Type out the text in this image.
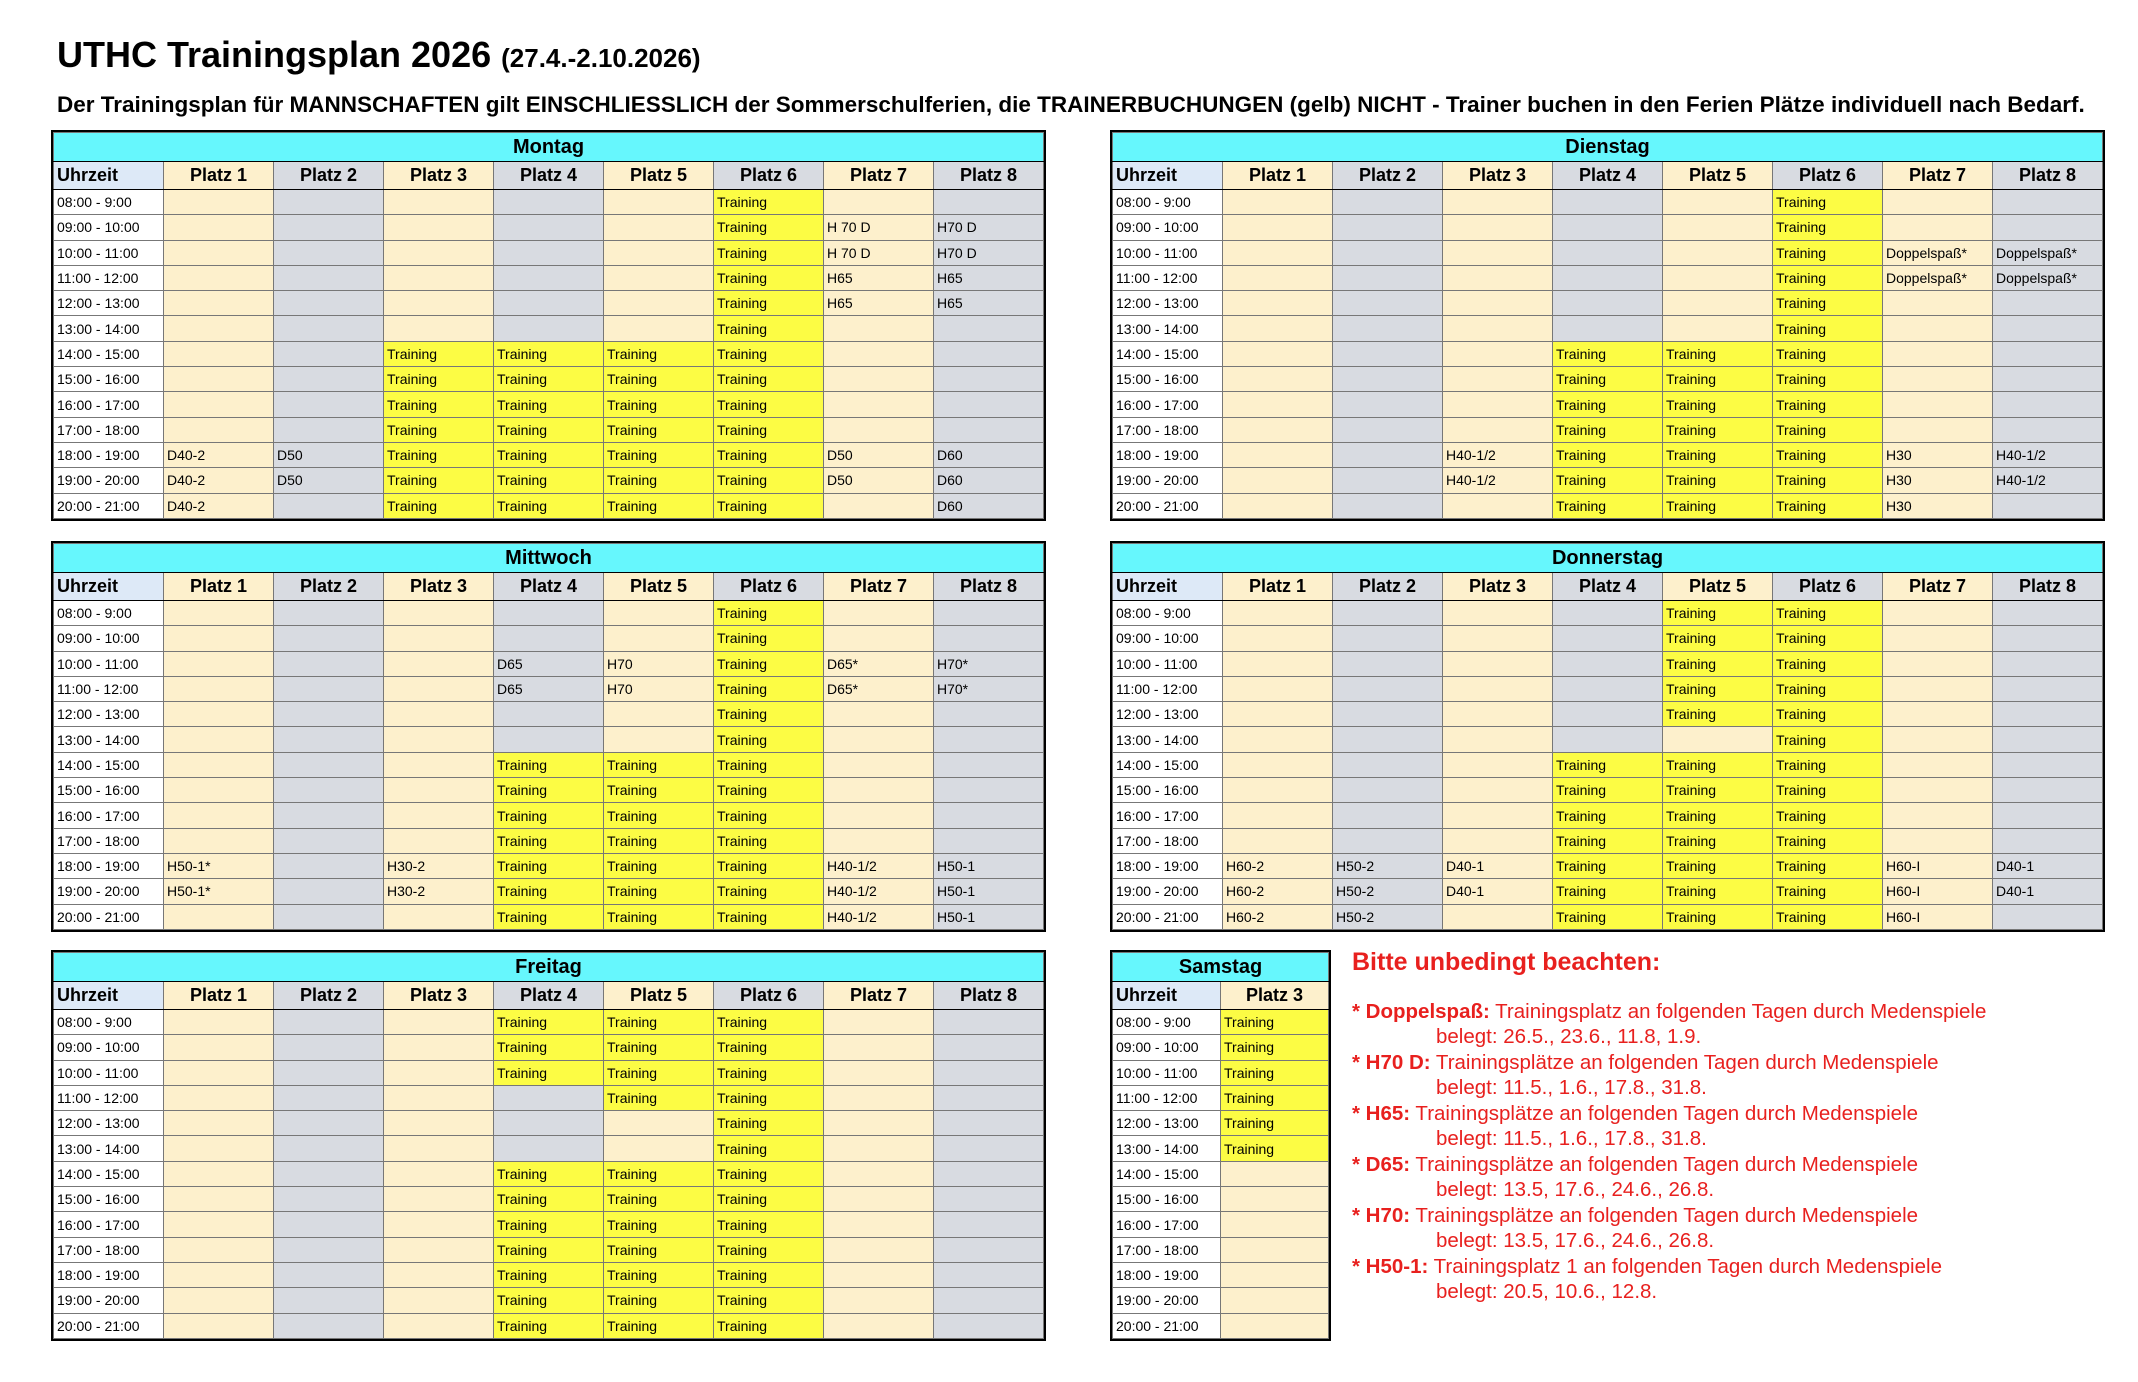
UTHC Trainingsplan 2026 (27.4.-2.10.2026)
Der Trainingsplan für MANNSCHAFTEN gilt EINSCHLIESSLICH der Sommerschulferien, die TRAINERBUCHUNGEN (gelb) NICHT - Trainer buchen in den Ferien Plätze individuell nach Bedarf.
Montag								
Uhrzeit	Platz 1	Platz 2	Platz 3	Platz 4	Platz 5	Platz 6	Platz 7	Platz 8
08:00 - 9:00						Training		
09:00 - 10:00						Training	H 70 D	H70 D
10:00 - 11:00						Training	H 70 D	H70 D
11:00 - 12:00						Training	H65	H65
12:00 - 13:00						Training	H65	H65
13:00 - 14:00						Training		
14:00 - 15:00			Training	Training	Training	Training		
15:00 - 16:00			Training	Training	Training	Training		
16:00 - 17:00			Training	Training	Training	Training		
17:00 - 18:00			Training	Training	Training	Training		
18:00 - 19:00	D40-2	D50	Training	Training	Training	Training	D50	D60
19:00 - 20:00	D40-2	D50	Training	Training	Training	Training	D50	D60
20:00 - 21:00	D40-2		Training	Training	Training	Training		D60
Dienstag								
Uhrzeit	Platz 1	Platz 2	Platz 3	Platz 4	Platz 5	Platz 6	Platz 7	Platz 8
08:00 - 9:00						Training		
09:00 - 10:00						Training		
10:00 - 11:00						Training	Doppelspaß*	Doppelspaß*
11:00 - 12:00						Training	Doppelspaß*	Doppelspaß*
12:00 - 13:00						Training		
13:00 - 14:00						Training		
14:00 - 15:00				Training	Training	Training		
15:00 - 16:00				Training	Training	Training		
16:00 - 17:00				Training	Training	Training		
17:00 - 18:00				Training	Training	Training		
18:00 - 19:00			H40-1/2	Training	Training	Training	H30	H40-1/2
19:00 - 20:00			H40-1/2	Training	Training	Training	H30	H40-1/2
20:00 - 21:00				Training	Training	Training	H30	
Mittwoch								
Uhrzeit	Platz 1	Platz 2	Platz 3	Platz 4	Platz 5	Platz 6	Platz 7	Platz 8
08:00 - 9:00						Training		
09:00 - 10:00						Training		
10:00 - 11:00				D65	H70	Training	D65*	H70*
11:00 - 12:00				D65	H70	Training	D65*	H70*
12:00 - 13:00						Training		
13:00 - 14:00						Training		
14:00 - 15:00				Training	Training	Training		
15:00 - 16:00				Training	Training	Training		
16:00 - 17:00				Training	Training	Training		
17:00 - 18:00				Training	Training	Training		
18:00 - 19:00	H50-1*		H30-2	Training	Training	Training	H40-1/2	H50-1
19:00 - 20:00	H50-1*		H30-2	Training	Training	Training	H40-1/2	H50-1
20:00 - 21:00				Training	Training	Training	H40-1/2	H50-1
Donnerstag								
Uhrzeit	Platz 1	Platz 2	Platz 3	Platz 4	Platz 5	Platz 6	Platz 7	Platz 8
08:00 - 9:00					Training	Training		
09:00 - 10:00					Training	Training		
10:00 - 11:00					Training	Training		
11:00 - 12:00					Training	Training		
12:00 - 13:00					Training	Training		
13:00 - 14:00						Training		
14:00 - 15:00				Training	Training	Training		
15:00 - 16:00				Training	Training	Training		
16:00 - 17:00				Training	Training	Training		
17:00 - 18:00				Training	Training	Training		
18:00 - 19:00	H60-2	H50-2	D40-1	Training	Training	Training	H60-I	D40-1
19:00 - 20:00	H60-2	H50-2	D40-1	Training	Training	Training	H60-I	D40-1
20:00 - 21:00	H60-2	H50-2		Training	Training	Training	H60-I	
Freitag								
Uhrzeit	Platz 1	Platz 2	Platz 3	Platz 4	Platz 5	Platz 6	Platz 7	Platz 8
08:00 - 9:00				Training	Training	Training		
09:00 - 10:00				Training	Training	Training		
10:00 - 11:00				Training	Training	Training		
11:00 - 12:00					Training	Training		
12:00 - 13:00						Training		
13:00 - 14:00						Training		
14:00 - 15:00				Training	Training	Training		
15:00 - 16:00				Training	Training	Training		
16:00 - 17:00				Training	Training	Training		
17:00 - 18:00				Training	Training	Training		
18:00 - 19:00				Training	Training	Training		
19:00 - 20:00				Training	Training	Training		
20:00 - 21:00				Training	Training	Training		
Samstag	
Uhrzeit	Platz 3
08:00 - 9:00	Training
09:00 - 10:00	Training
10:00 - 11:00	Training
11:00 - 12:00	Training
12:00 - 13:00	Training
13:00 - 14:00	Training
14:00 - 15:00	
15:00 - 16:00	
16:00 - 17:00	
17:00 - 18:00	
18:00 - 19:00	
19:00 - 20:00	
20:00 - 21:00	
Bitte unbedingt beachten:
* Doppelspaß: Trainingsplatz an folgenden Tagen durch Medenspiele
belegt: 26.5., 23.6., 11.8, 1.9.
* H70 D: Trainingsplätze an folgenden Tagen durch Medenspiele
belegt: 11.5., 1.6., 17.8., 31.8.
* H65: Trainingsplätze an folgenden Tagen durch Medenspiele
belegt: 11.5., 1.6., 17.8., 31.8.
* D65: Trainingsplätze an folgenden Tagen durch Medenspiele
belegt: 13.5, 17.6., 24.6., 26.8.
* H70: Trainingsplätze an folgenden Tagen durch Medenspiele
belegt: 13.5, 17.6., 24.6., 26.8.
* H50-1: Trainingsplatz 1 an folgenden Tagen durch Medenspiele
belegt: 20.5, 10.6., 12.8.
